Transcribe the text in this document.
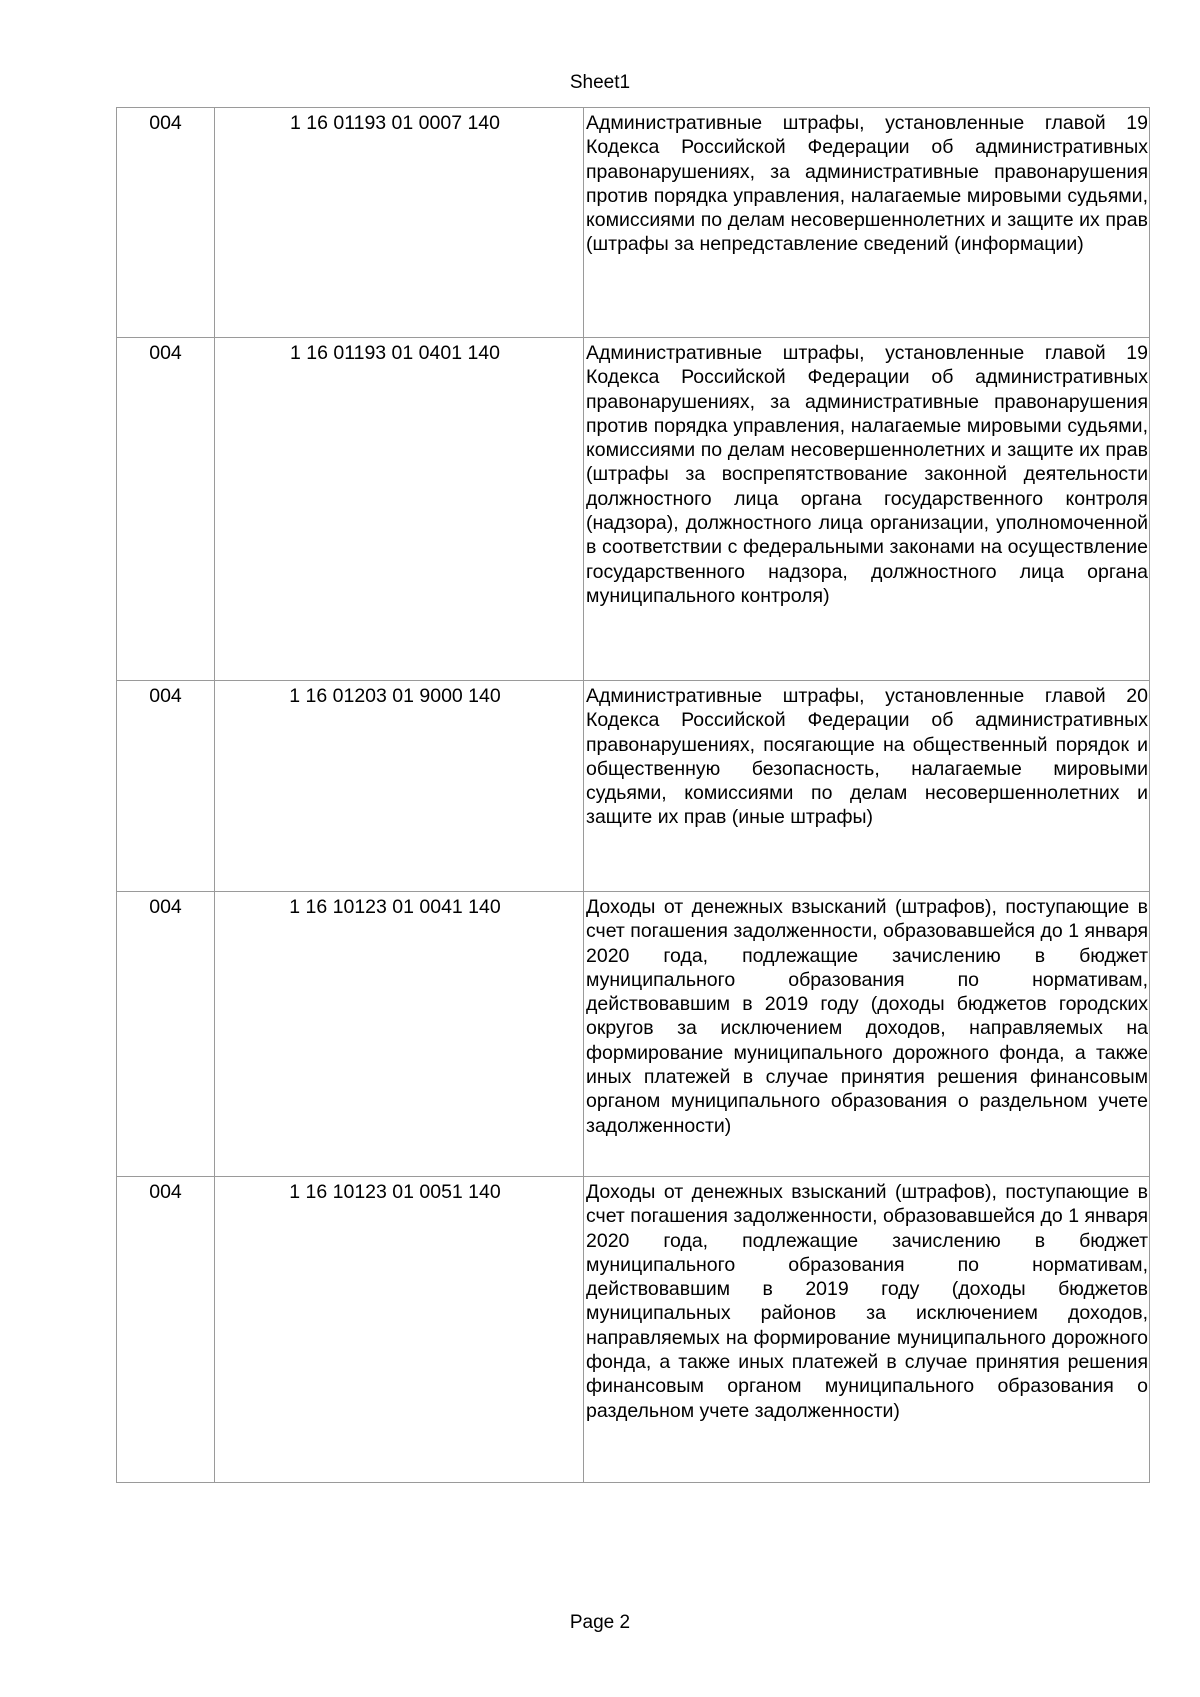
Sheet1
004	1 16 01193 01 0007 140	Административные штрафы, установленные главой 19 Кодекса Российской Федерации об административных правонарушениях, за административные правонарушения против порядка управления, налагаемые мировыми судьями, комиссиями по делам несовершеннолетних и защите их прав (штрафы за непредставление сведений (информации)
004	1 16 01193 01 0401 140	Административные штрафы, установленные главой 19 Кодекса Российской Федерации об административных правонарушениях, за административные правонарушения против порядка управления, налагаемые мировыми судьями, комиссиями по делам несовершеннолетних и защите их прав (штрафы за воспрепятствование законной деятельности должностного лица органа государственного контроля (надзора), должностного лица организации, уполномоченной в соответствии с федеральными законами на осуществление государственного надзора, должностного лица органа муниципального контроля)
004	1 16 01203 01 9000 140	Административные штрафы, установленные главой 20 Кодекса Российской Федерации об административных правонарушениях, посягающие на общественный порядок и общественную безопасность, налагаемые мировыми судьями, комиссиями по делам несовершеннолетних и защите их прав (иные штрафы)
004	1 16 10123 01 0041 140	Доходы от денежных взысканий (штрафов), поступающие в счет погашения задолженности, образовавшейся до 1 января 2020 года, подлежащие зачислению в бюджет муниципального образования по нормативам, действовавшим в 2019 году (доходы бюджетов городских округов за исключением доходов, направляемых на формирование муниципального дорожного фонда, а также иных платежей в случае принятия решения финансовым органом муниципального образования о раздельном учете задолженности)
004	1 16 10123 01 0051 140	Доходы от денежных взысканий (штрафов), поступающие в счет погашения задолженности, образовавшейся до 1 января 2020 года, подлежащие зачислению в бюджет муниципального образования по нормативам, действовавшим в 2019 году (доходы бюджетов муниципальных районов за исключением доходов, направляемых на формирование муниципального дорожного фонда, а также иных платежей в случае принятия решения финансовым органом муниципального образования о раздельном учете задолженности)
Page 2
